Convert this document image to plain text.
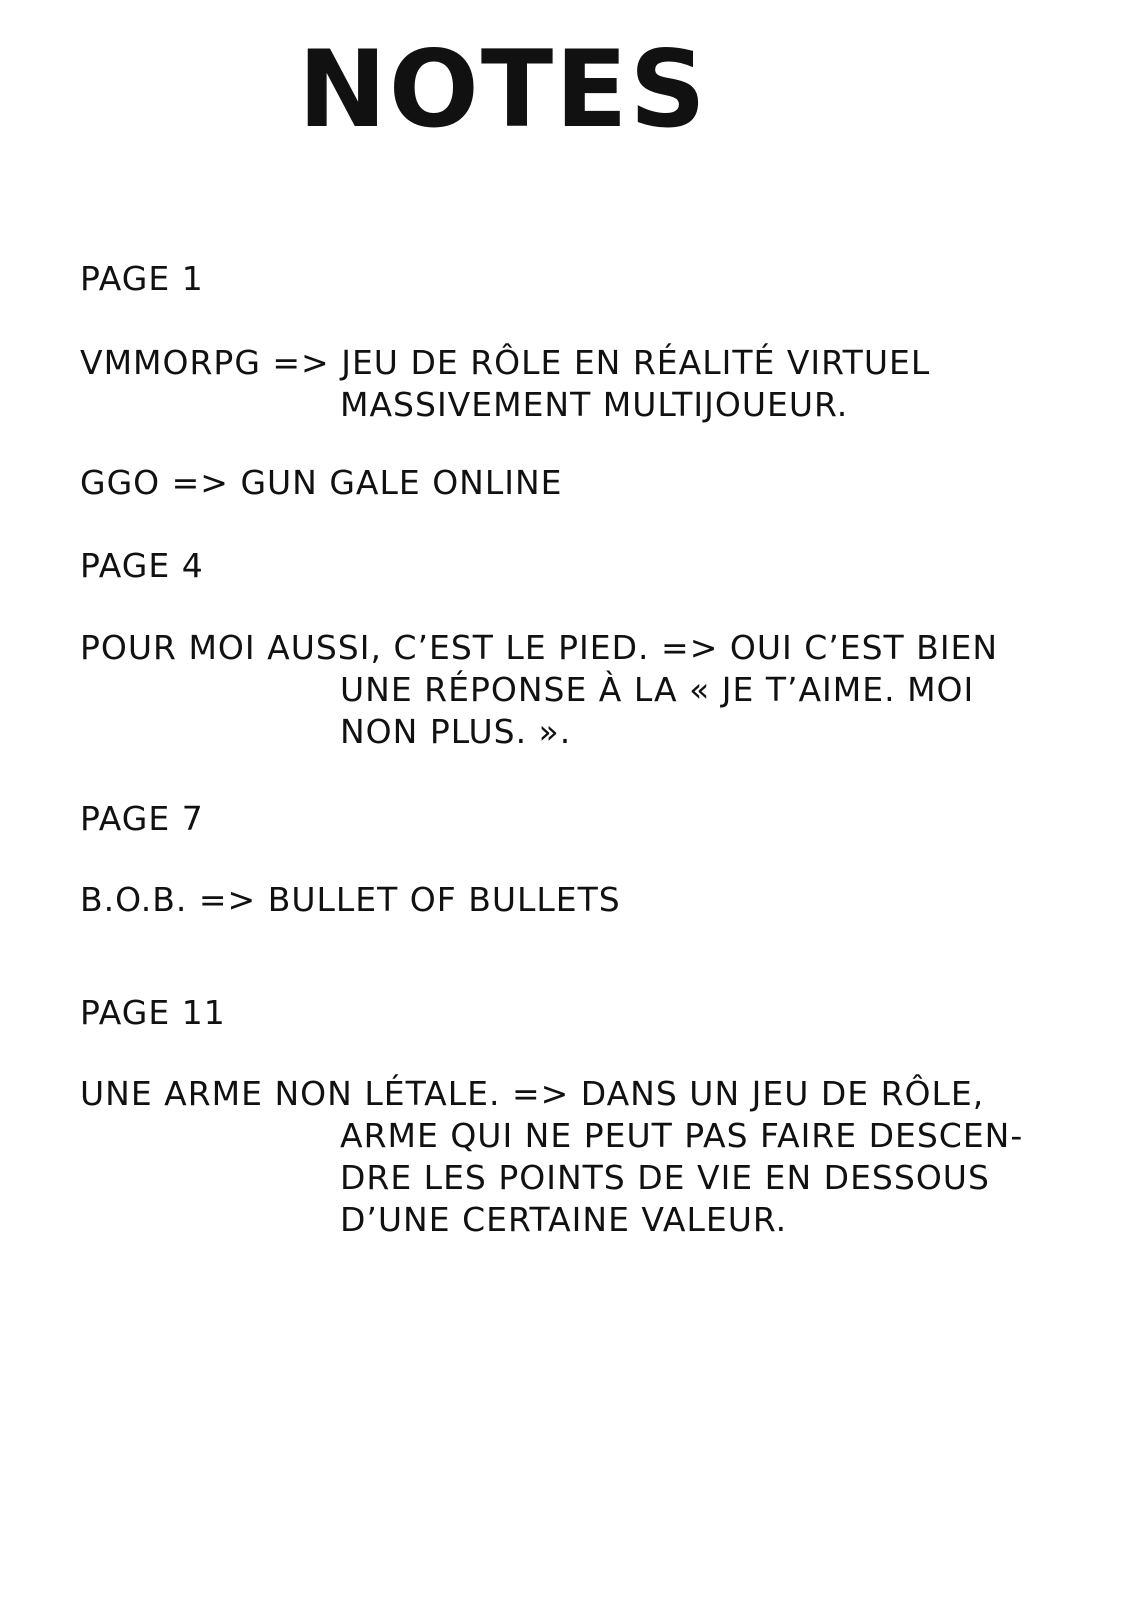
NOTES
PAGE 1
VMMORPG => JEU DE RÔLE EN RÉALITÉ VIRTUEL
MASSIVEMENT MULTIJOUEUR.
GGO => GUN GALE ONLINE
PAGE 4
POUR MOI AUSSI, C’EST LE PIED. => OUI C’EST BIEN
UNE RÉPONSE À LA « JE T’AIME. MOI
NON PLUS. ».
PAGE 7
B.O.B. => BULLET OF BULLETS
PAGE 11
UNE ARME NON LÉTALE. => DANS UN JEU DE RÔLE,
ARME QUI NE PEUT PAS FAIRE DESCEN-
DRE LES POINTS DE VIE EN DESSOUS
D’UNE CERTAINE VALEUR.
